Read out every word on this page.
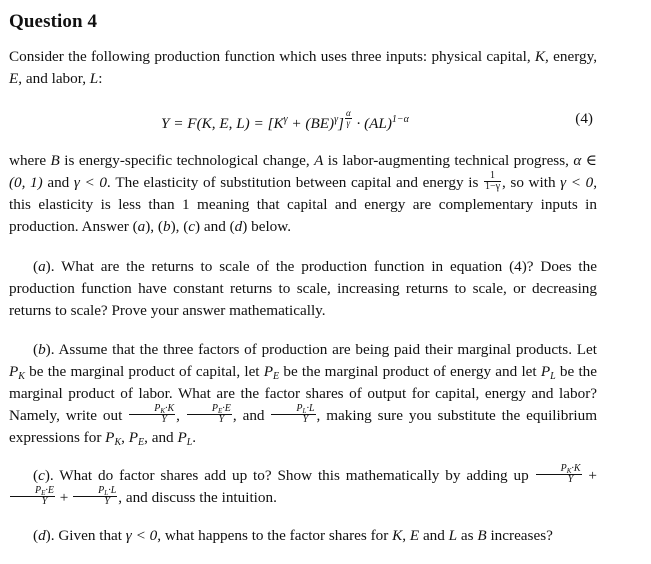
Question 4

Consider the following production function which uses three inputs: physical capital, K, energy, E, and labor, L:

Y = F(K, E, $L) = [K^\gamma + (BE)^\gamma] ^{\frac{\alpha}{\gamma}} \cdot (AL)^{1-\alpha}$	(4)

where B is energy-specific technological change, A is labor-augmenting technical progress, α ∈ (0, 1) and γ < 0. The elasticity of substitution between capital and energy is $\frac{1}{1-\gamma}$ , so with γ < 0, this elasticity is less than 1 meaning that capital and energy are complementary inputs in production. Answer (a), (b), (c) and (d) below.

(a). What are the returns to scale of the production function in equation (4)? Does the production function have constant returns to scale, increasing returns to scale, or decreasing returns to scale? Prove your answer mathematically.

(b). Assume that the three factors of production are being paid their marginal products. Let $P_K$ be the marginal product of capital, let $P_E$ be the marginal product of energy and let $P_L$ be the marginal product of labor. What are the factor shares of output for capital, energy and labor? Namely, write out $\frac{P_K\cdot K}{Y}$ , $\frac{P_E\cdot E}{Y}$ , and $\frac{P_L\cdot L}{Y}$ , making sure you substitute the equilibrium expressions for $P_K$, $P_E$, and $P_L$.

(c). What do factor shares add up to? Show this mathematically by adding up $\frac{P_K\cdot K}{Y}$ +
$\frac{P_E\cdot E}{Y} + \frac{P_L\cdot L}{Y}$ , and discuss the intuition.

(d). Given that γ < 0, what happens to the factor shares for K, E and L as B increases?
